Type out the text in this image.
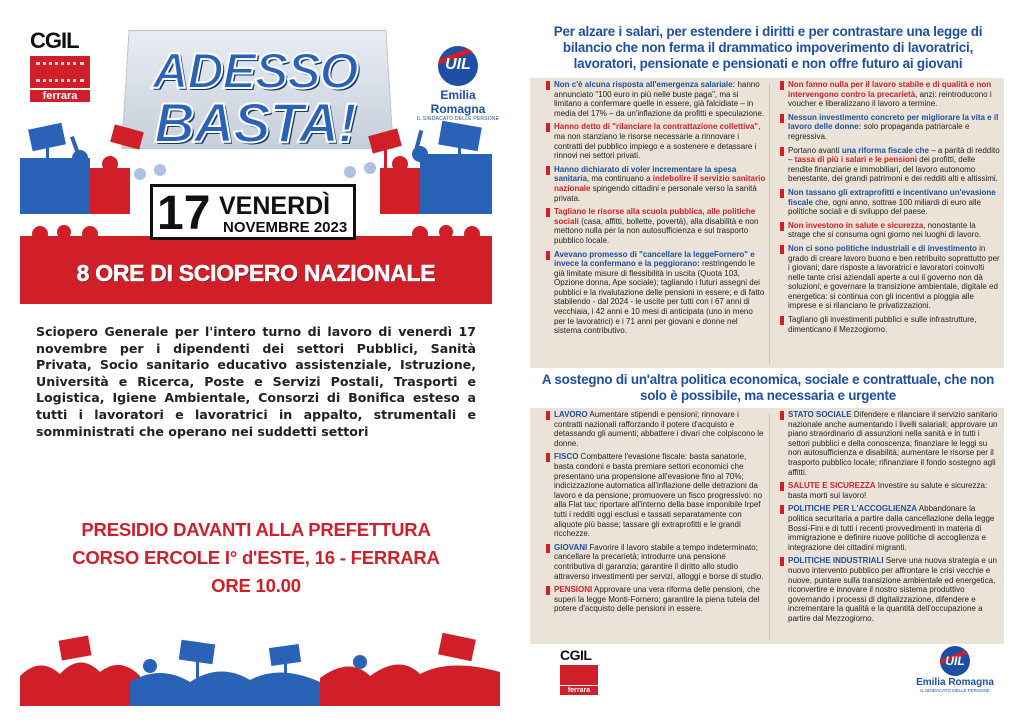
CGIL
ferrara
UIL
Emilia Romagna
IL SINDACATO DELLE PERSONE
ADESSO
BASTA!
17 VENERDÌ
NOVEMBRE 2023
8 ORE DI SCIOPERO NAZIONALE
Sciopero Generale per l'intero turno di lavoro di venerdì 17 novembre per i dipendenti dei settori Pubblici, Sanità Privata, Socio sanitario educativo assistenziale, Istruzione, Università e Ricerca, Poste e Servizi Postali, Trasporti e Logistica, Igiene Ambientale, Consorzi di Bonifica esteso a tutti i lavoratori e lavoratrici in appalto, strumentali e somministrati che operano nei suddetti settori
PRESIDIO DAVANTI ALLA PREFETTURA
CORSO ERCOLE I° d'ESTE, 16 - FERRARA
ORE 10.00
Per alzare i salari, per estendere i diritti e per contrastare una legge di bilancio che non ferma il drammatico impoverimento di lavoratrici, lavoratori, pensionate e pensionati e non offre futuro ai giovani
Non c'è alcuna risposta all'emergenza salariale: hanno annunciato "100 euro in più nelle buste paga", ma si limitano a confermare quelle in essere, già falcidiate – in media del 17% – da un'inflazione da profitti e speculazione.
Hanno detto di "rilanciare la contrattazione collettiva", ma non stanziano le risorse necessarie a rinnovare i contratti del pubblico impiego e a sostenere e detassare i rinnovi nei settori privati.
Hanno dichiarato di voler incrementare la spesa sanitaria, ma continuano a indebolire il servizio sanitario nazionale spingendo cittadini e personale verso la sanità privata.
Tagliano le risorse alla scuola pubblica, alle politiche sociali (casa, affitti, bollette, povertà), alla disabilità e non mettono nulla per la non autosufficienza e sul trasporto pubblico locale.
Avevano promesso di "cancellare la leggeFornero" e invece la confermano e la peggiorano: restringendo le già limitate misure di flessibilità in uscita (Quota 103, Opzione donna, Ape sociale); tagliando i futuri assegni dei pubblici e la rivalutazione delle pensioni in essere; e di fatto stabilendo - dal 2024 - le uscite per tutti con i 67 anni di vecchiaia, i 42 anni e 10 mesi di anticipata (uno in meno per le lavoratrici) e i 71 anni per giovani e donne nel sistema contributivo.
Non fanno nulla per il lavoro stabile e di qualità e non intervengono contro la precarietà, anzi: reintroducono i voucher e liberalizzano il lavoro a termine.
Nessun investimento concreto per migliorare la vita e il lavoro delle donne: solo propaganda patriarcale e regressiva.
Portano avanti una riforma fiscale che – a parità di reddito – tassa di più i salari e le pensioni dei profitti, delle rendite finanziarie e immobiliari, del lavoro autonomo benestante, dei grandi patrimoni e dei redditi alti e altissimi.
Non tassano gli extraprofitti e incentivano un'evasione fiscale che, ogni anno, sottrae 100 miliardi di euro alle politiche sociali e di sviluppo del paese.
Non investono in salute e sicurezza, nonostante la strage che si consuma ogni giorno nei luoghi di lavoro.
Non ci sono politiche industriali e di investimento in grado di creare lavoro buono e ben retribuito soprattutto per i giovani; dare risposte a lavoratrici e lavoratori coinvolti nelle tante crisi aziendali aperte a cui il governo non dà soluzioni; e governare la transizione ambientale, digitale ed energetica: si continua con gli incentivi a pioggia alle imprese e si rilanciano le privatizzazioni.
Tagliano gli investimenti pubblici e sulle infrastrutture, dimenticano il Mezzogiorno.
A sostegno di un'altra politica economica, sociale e contrattuale, che non solo è possibile, ma necessaria e urgente
LAVORO Aumentare stipendi e pensioni; rinnovare i contratti nazionali rafforzando il potere d'acquisto e detassando gli aumenti; abbattere i divari che colpiscono le donne.
FISCO Combattere l'evasione fiscale: basta sanatorie, basta condoni e basta premiare settori economici che presentano una propensione all'evasione fino al 70%; indicizzazione automatica all'inflazione delle detrazioni da lavoro e da pensione; promuovere un fisco progressivo: no alla Flat tax; riportare all'interno della base imponibile Irpef tutti i redditi oggi esclusi e tassati separatamente con aliquote più basse; tassare gli extraprofitti e le grandi ricchezze.
GIOVANI Favorire il lavoro stabile a tempo indeterminato; cancellare la precarietà; introdurre una pensione contributiva di garanzia; garantire il diritto allo studio attraverso investimenti per servizi, alloggi e borse di studio.
PENSIONI Approvare una vera riforma delle pensioni, che superi la legge Monti-Fornero; garantire la piena tutela del potere d'acquisto delle pensioni in essere.
STATO SOCIALE Difendere e rilanciare il servizio sanitario nazionale anche aumentando i livelli salariali; approvare un piano straordinario di assunzioni nella sanità e in tutti i settori pubblici e della conoscenza; finanziare le leggi su non autosufficienza e disabilità; aumentare le risorse per il trasporto pubblico locale; rifinanziare il fondo sostegno agli affitti.
SALUTE E SICUREZZA Investire su salute e sicurezza: basta morti sui lavoro!
POLITICHE PER L'ACCOGLIENZA Abbandonare la politica securitaria a partire dalla cancellazione della legge Bossi-Fini e di tutti i recenti provvedimenti in materia di immigrazione e definire nuove politiche di accoglienza e integrazione dei cittadini migranti.
POLITICHE INDUSTRIALI Serve una nuova strategia e un nuovo intervento pubblico per affrontare le crisi vecchie e nuove, puntare sulla transizione ambientale ed energetica, riconvertire e innovare il nostro sistema produttivo governando i processi di digitalizzazione, difendere e incrementare la qualità e la quantità dell'occupazione a partire dal Mezzogiorno.
CGIL
ferrara
UIL
Emilia Romagna
IL SINDACATO DELLE PERSONE
